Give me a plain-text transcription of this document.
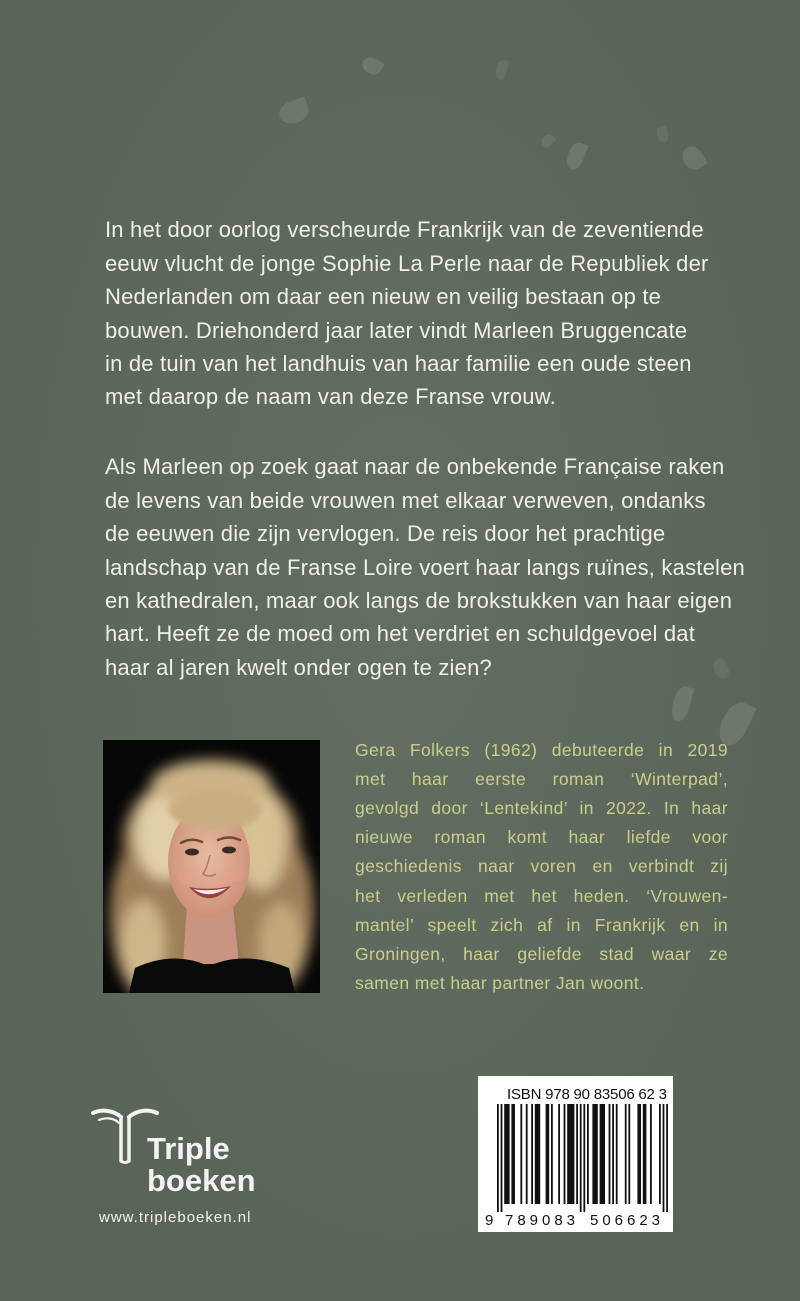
In het door oorlog verscheurde Frankrijk van de zeventiende
eeuw vlucht de jonge Sophie La Perle naar de Republiek der
Nederlanden om daar een nieuw en veilig bestaan op te
bouwen. Driehonderd jaar later vindt Marleen Bruggencate
in de tuin van het landhuis van haar familie een oude steen
met daarop de naam van deze Franse vrouw.
Als Marleen op zoek gaat naar de onbekende Française raken
de levens van beide vrouwen met elkaar verweven, ondanks
de eeuwen die zijn vervlogen. De reis door het prachtige
landschap van de Franse Loire voert haar langs ruïnes, kastelen
en kathedralen, maar ook langs de brokstukken van haar eigen
hart. Heeft ze de moed om het verdriet en schuldgevoel dat
haar al jaren kwelt onder ogen te zien?
Gera Folkers (1962) debuteerde in 2019
met haar eerste roman ‘Winterpad’,
gevolgd door ‘Lentekind’ in 2022. In haar
nieuwe roman komt haar liefde voor
geschiedenis naar voren en verbindt zij
het verleden met het heden. ‘Vrouwen-
mantel’ speelt zich af in Frankrijk en in
Groningen, haar geliefde stad waar ze
samen met haar partner Jan woont.
Triple
boeken
www.tripleboeken.nl
ISBN 978 90 83506 62 3
9 789083 506623
